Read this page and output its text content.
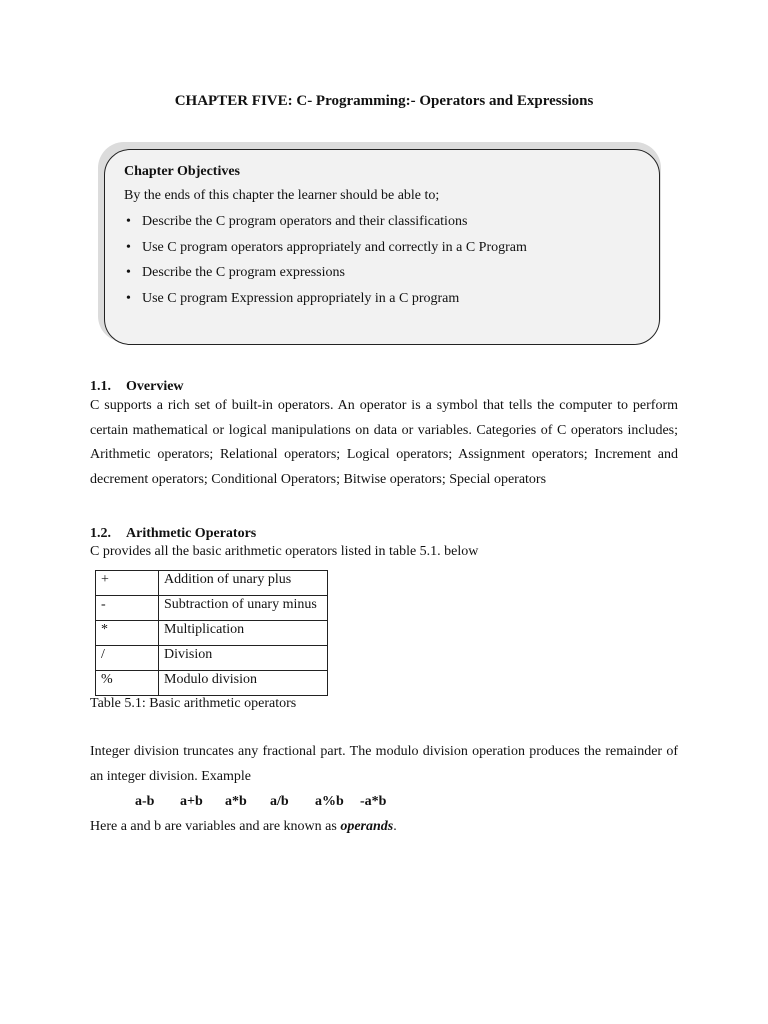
CHAPTER FIVE: C- Programming:- Operators and Expressions
Chapter Objectives
By the ends of this chapter the learner should be able to;
• Describe the C program operators and their classifications
• Use C program operators appropriately and correctly in a C Program
• Describe the C program expressions
• Use C program Expression appropriately in a C program
1.1. Overview

C supports a rich set of built-in operators. An operator is a symbol that tells the computer to perform certain mathematical or logical manipulations on data or variables. Categories of C operators includes; Arithmetic operators; Relational operators; Logical operators; Assignment operators; Increment and decrement operators; Conditional Operators; Bitwise operators; Special operators

1.2. Arithmetic Operators

C provides all the basic arithmetic operators listed in table 5.1. below

+	Addition of unary plus
-	Subtraction of unary minus
*	Multiplication
/	Division
%	Modulo division
Table 5.1: Basic arithmetic operators

Integer division truncates any fractional part. The modulo division operation produces the remainder of an integer division. Example

a-b	a+b	a*b	a/b	a%b	-a*b
Here a and b are variables and are known as operands.
